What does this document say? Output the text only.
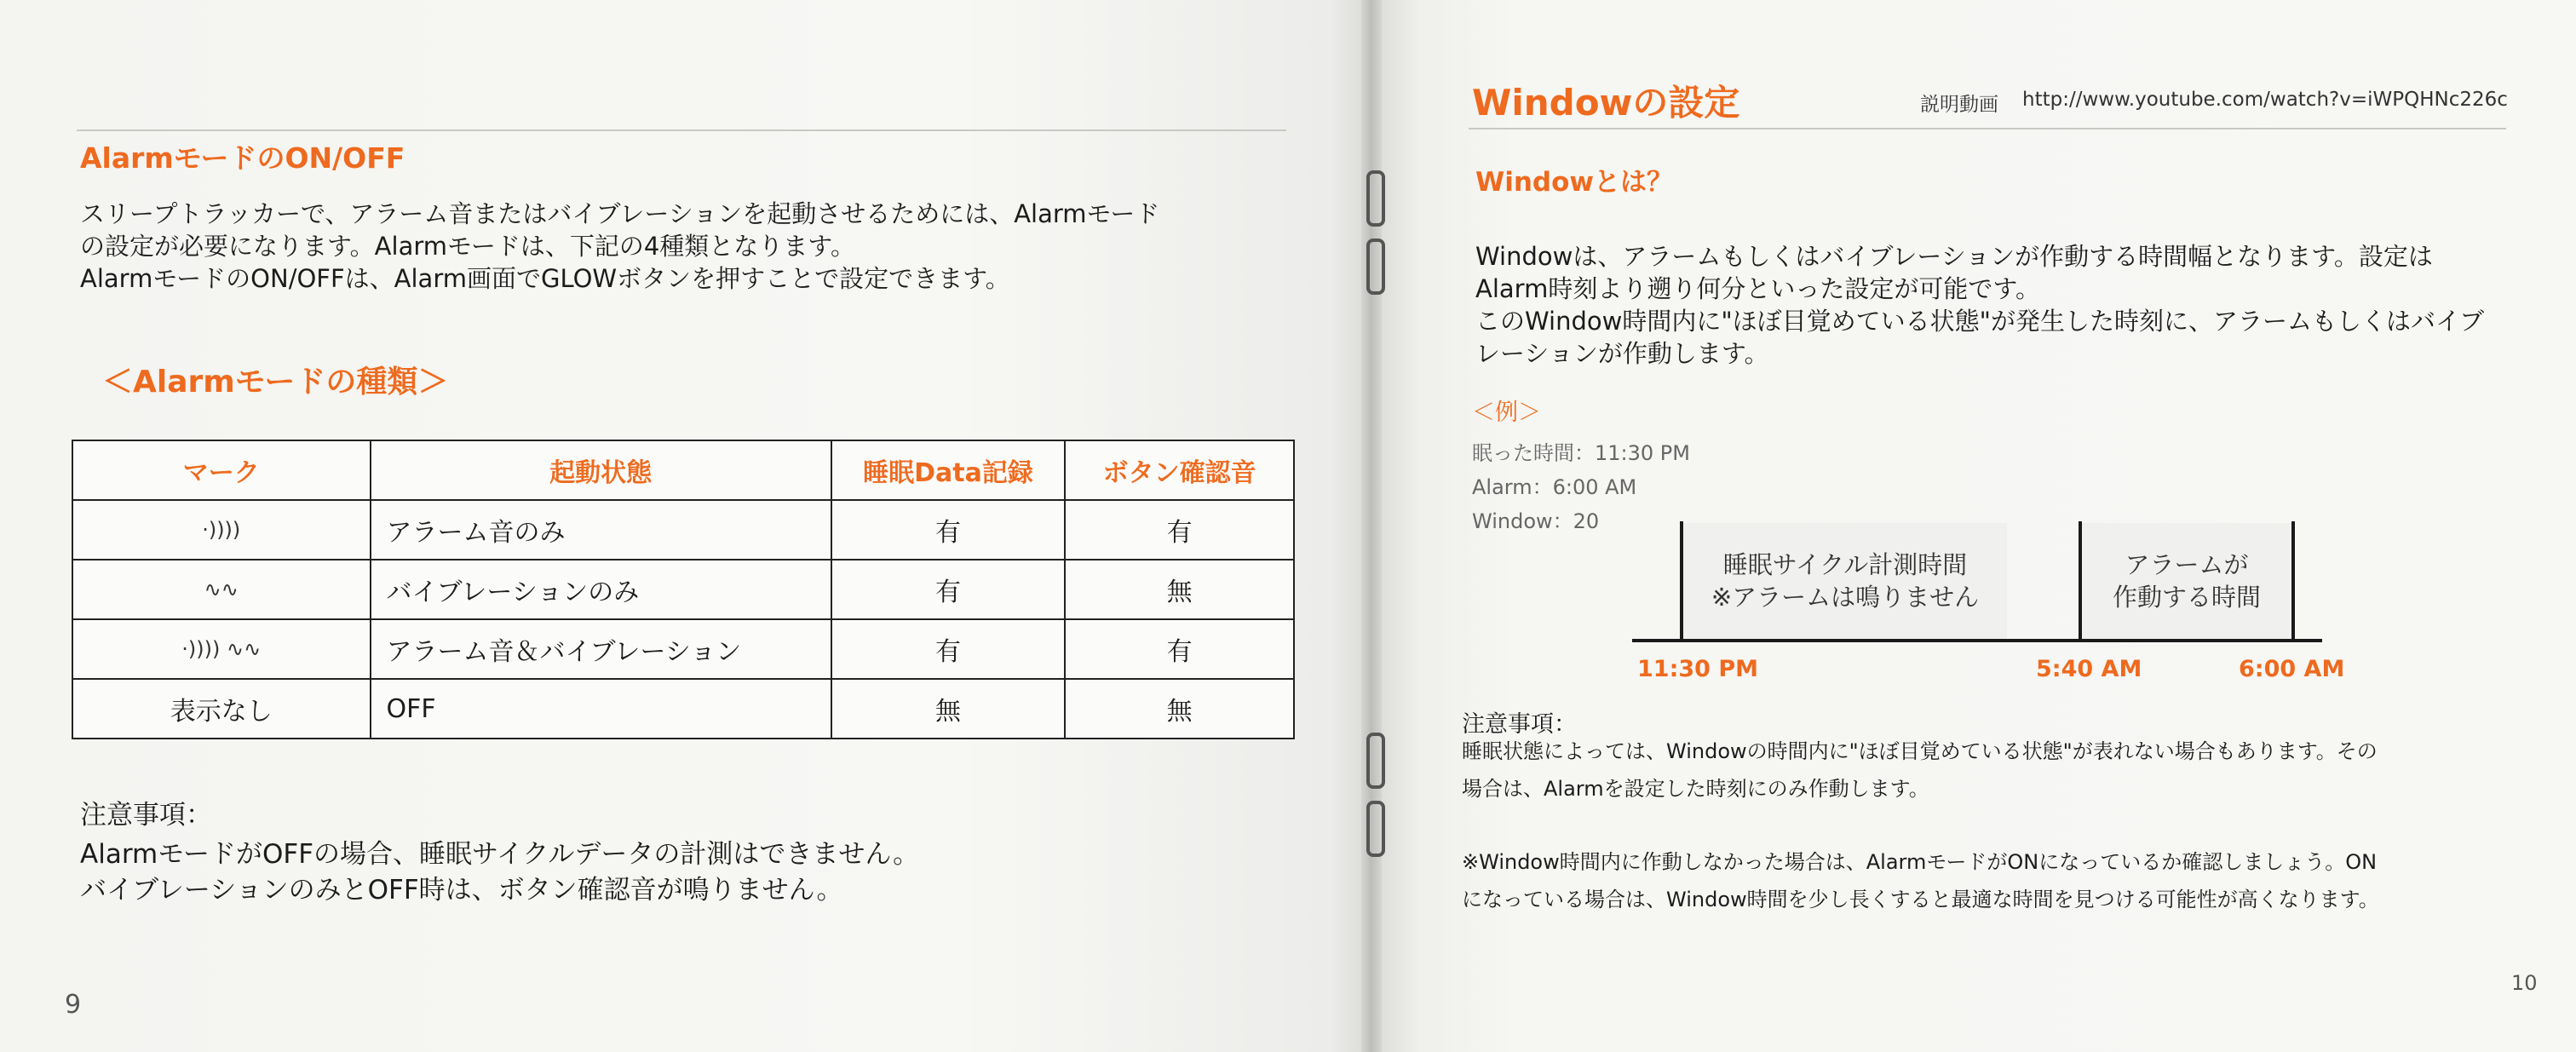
AlarmモードのON/OFF
スリープトラッカーで、アラーム音またはバイブレーションを起動させるためには、Alarmモード
の設定が必要になります。Alarmモードは、下記の4種類となります。
AlarmモードのON/OFFは、Alarm画面でGLOWボタンを押すことで設定できます。
＜Alarmモードの種類＞
マーク	起動状態	睡眠Data記録	ボタン確認音
·))))	アラーム音のみ	有	有
∿∿	バイブレーションのみ	有	無
·)))) ∿∿	アラーム音＆バイブレーション	有	有
表示なし	OFF	無	無
注意事項：
AlarmモードがOFFの場合、睡眠サイクルデータの計測はできません。
バイブレーションのみとOFF時は、ボタン確認音が鳴りません。
9
Windowの設定	説明動画 http://www.youtube.com/watch?v=iWPQHNc226c
Windowとは？
Windowは、アラームもしくはバイブレーションが作動する時間幅となります。設定は
Alarm時刻より遡り何分といった設定が可能です。
このWindow時間内に"ほぼ目覚めている状態"が発生した時刻に、アラームもしくはバイブ
レーションが作動します。
＜例＞
眠った時間：11:30 PM
Alarm：6:00 AM
Window：20
睡眠サイクル計測時間
※アラームは鳴りません
アラームが
作動する時間
11:30 PM	5:40 AM	6:00 AM
注意事項：
睡眠状態によっては、Windowの時間内に"ほぼ目覚めている状態"が表れない場合もあります。その
場合は、Alarmを設定した時刻にのみ作動します。
※Window時間内に作動しなかった場合は、AlarmモードがONになっているか確認しましょう。ON
になっている場合は、Window時間を少し長くすると最適な時間を見つける可能性が高くなります。
10
